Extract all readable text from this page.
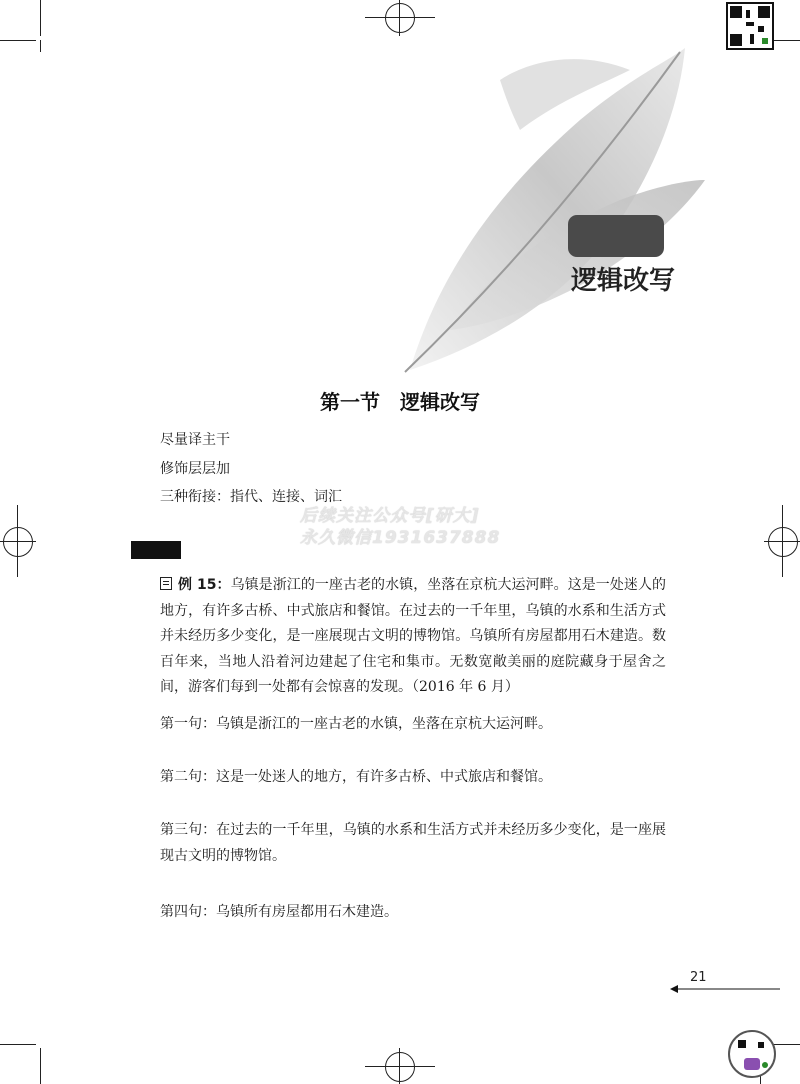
逻辑改写
第一节　逻辑改写
尽量译主干
修饰层层加
三种衔接：指代、连接、词汇
后续关注公众号[研大]
永久微信1931637888
例 15：乌镇是浙江的一座古老的水镇，坐落在京杭大运河畔。这是一处迷人的地方，有许多古桥、中式旅店和餐馆。在过去的一千年里，乌镇的水系和生活方式并未经历多少变化，是一座展现古文明的博物馆。乌镇所有房屋都用石木建造。数百年来，当地人沿着河边建起了住宅和集市。无数宽敞美丽的庭院藏身于屋舍之间，游客们每到一处都有会惊喜的发现。（2016 年 6 月）
第一句：乌镇是浙江的一座古老的水镇，坐落在京杭大运河畔。
第二句：这是一处迷人的地方，有许多古桥、中式旅店和餐馆。
第三句：在过去的一千年里，乌镇的水系和生活方式并未经历多少变化，是一座展现古文明的博物馆。
第四句：乌镇所有房屋都用石木建造。
21
